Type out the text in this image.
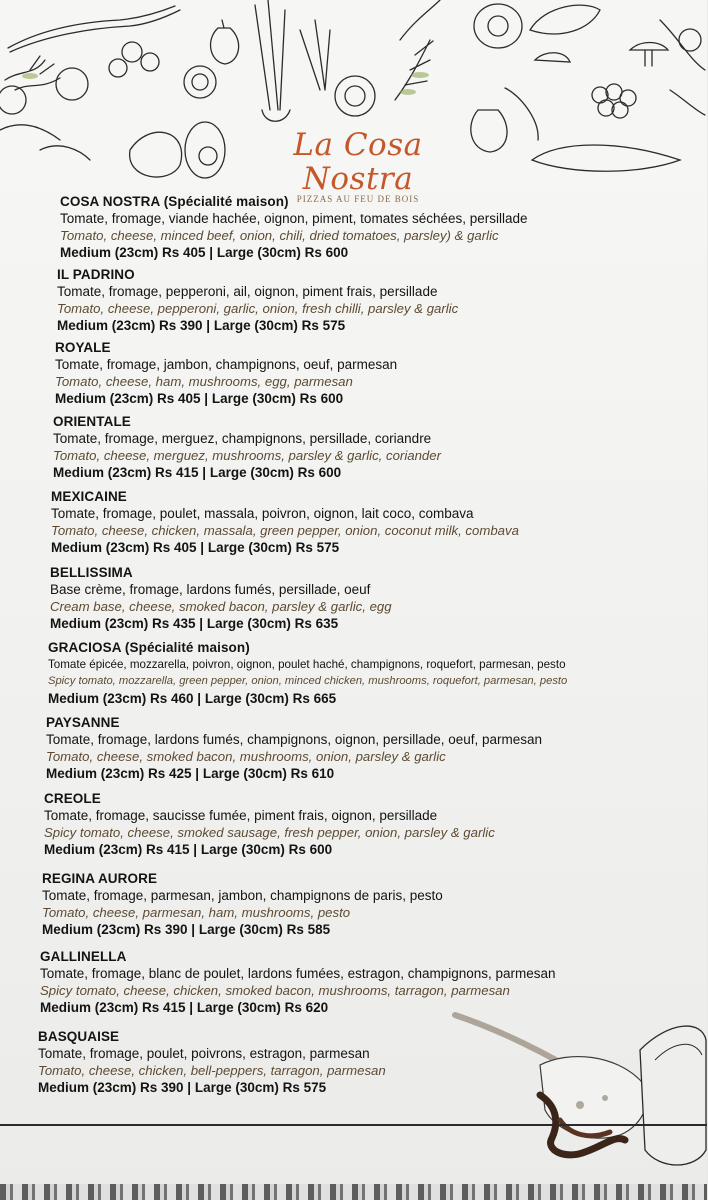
La Cosa Nostra
PIZZAS AU FEU DE BOIS
COSA NOSTRA (Spécialité maison)
Tomate, fromage, viande hachée, oignon, piment, tomates séchées, persillade
Tomato, cheese, minced beef, onion, chili, dried tomatoes, parsley) & garlic
Medium (23cm) Rs 405 | Large (30cm) Rs 600
IL PADRINO
Tomate, fromage, pepperoni, ail, oignon, piment frais, persillade
Tomato, cheese, pepperoni, garlic, onion, fresh chilli, parsley & garlic
Medium (23cm) Rs 390 | Large (30cm) Rs 575
ROYALE
Tomate, fromage, jambon, champignons, oeuf, parmesan
Tomato, cheese, ham, mushrooms, egg, parmesan
Medium (23cm) Rs 405 | Large (30cm) Rs 600
ORIENTALE
Tomate, fromage, merguez, champignons, persillade, coriandre
Tomato, cheese, merguez, mushrooms, parsley & garlic, coriander
Medium (23cm) Rs 415 | Large (30cm) Rs 600
MEXICAINE
Tomate, fromage, poulet, massala, poivron, oignon, lait coco, combava
Tomato, cheese, chicken, massala, green pepper, onion, coconut milk, combava
Medium (23cm) Rs 405 | Large (30cm) Rs 575
BELLISSIMA
Base crème, fromage, lardons fumés, persillade, oeuf
Cream base, cheese, smoked bacon, parsley & garlic, egg
Medium (23cm) Rs 435 | Large (30cm) Rs 635
GRACIOSA (Spécialité maison)
Tomate épicée, mozzarella, poivron, oignon, poulet haché, champignons, roquefort, parmesan, pesto
Spicy tomato, mozzarella, green pepper, onion, minced chicken, mushrooms, roquefort, parmesan, pesto
Medium (23cm) Rs 460 | Large (30cm) Rs 665
PAYSANNE
Tomate, fromage, lardons fumés, champignons, oignon, persillade, oeuf, parmesan
Tomato, cheese, smoked bacon, mushrooms, onion, parsley & garlic
Medium (23cm) Rs 425 | Large (30cm) Rs 610
CREOLE
Tomate, fromage, saucisse fumée, piment frais, oignon, persillade
Spicy tomato, cheese, smoked sausage, fresh pepper, onion, parsley & garlic
Medium (23cm) Rs 415 | Large (30cm) Rs 600
REGINA AURORE
Tomate, fromage, parmesan, jambon, champignons de paris, pesto
Tomato, cheese, parmesan, ham, mushrooms, pesto
Medium (23cm) Rs 390 | Large (30cm) Rs 585
GALLINELLA
Tomate, fromage, blanc de poulet, lardons fumées, estragon, champignons, parmesan
Spicy tomato, cheese, chicken, smoked bacon, mushrooms, tarragon, parmesan
Medium (23cm) Rs 415 | Large (30cm) Rs 620
BASQUAISE
Tomate, fromage, poulet, poivrons, estragon, parmesan
Tomato, cheese, chicken, bell-peppers, tarragon, parmesan
Medium (23cm) Rs 390 | Large (30cm) Rs 575
